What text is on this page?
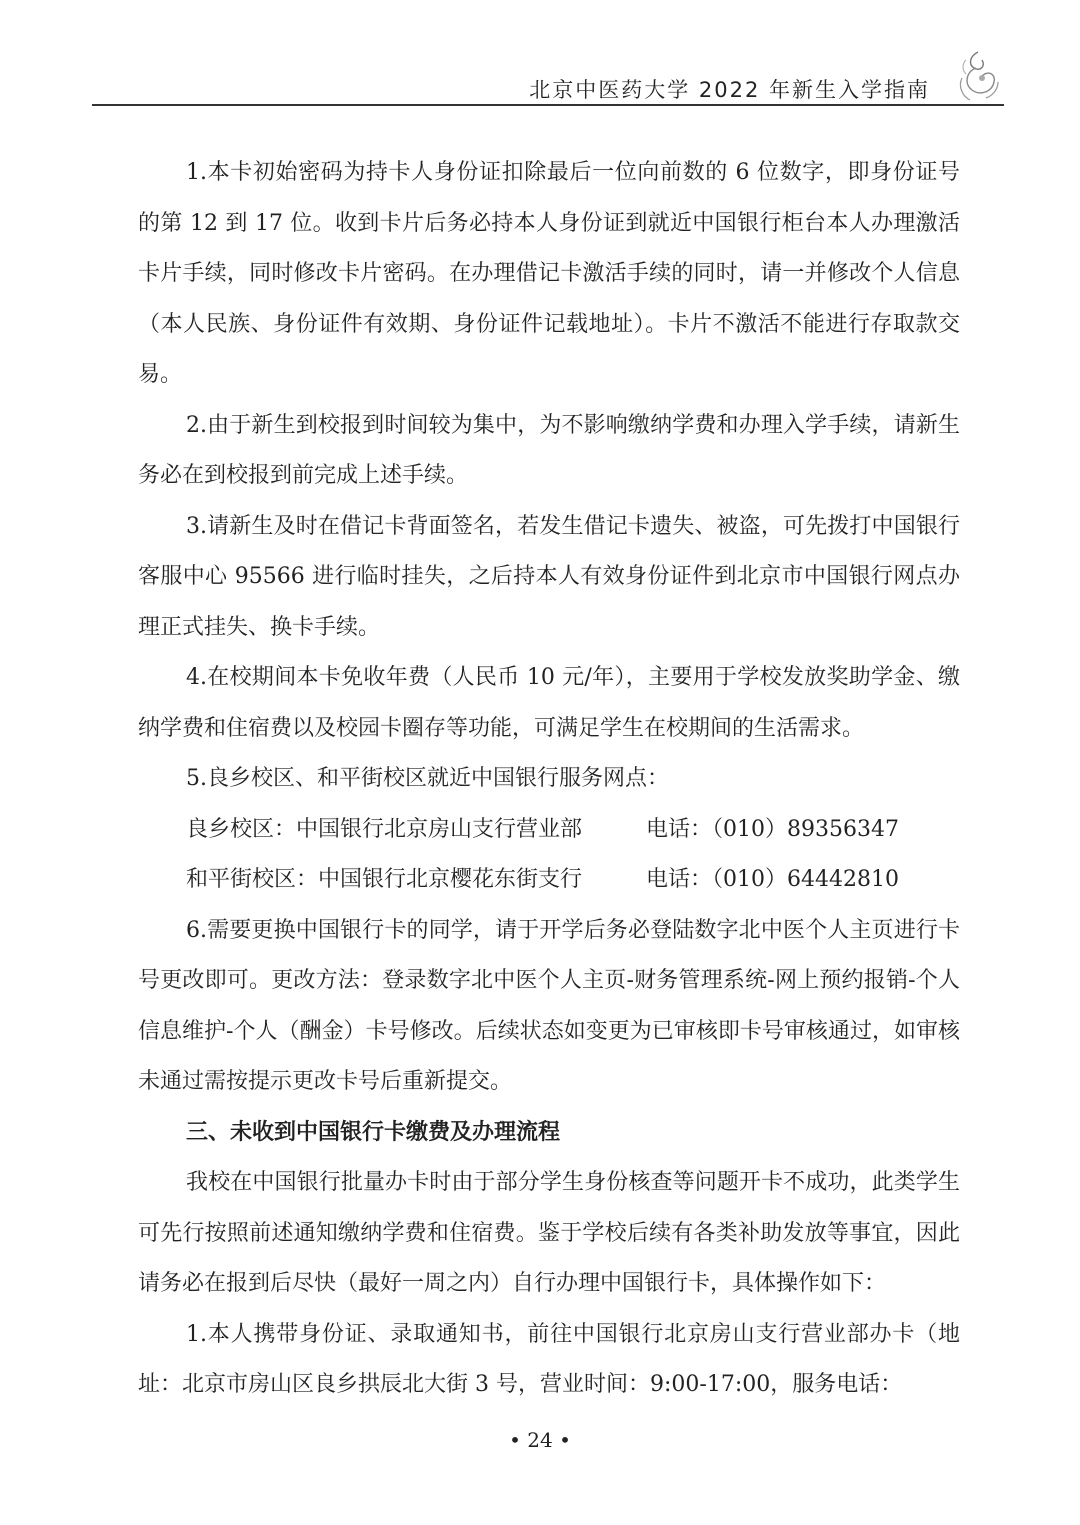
北京中医药大学 2022 年新生入学指南

1.本卡初始密码为持卡人身份证扣除最后一位向前数的 6 位数字，即身份证号的第 12 到 17 位。收到卡片后务必持本人身份证到就近中国银行柜台本人办理激活卡片手续，同时修改卡片密码。在办理借记卡激活手续的同时，请一并修改个人信息（本人民族、身份证件有效期、身份证件记载地址）。卡片不激活不能进行存取款交易。

2.由于新生到校报到时间较为集中，为不影响缴纳学费和办理入学手续，请新生务必在到校报到前完成上述手续。

3.请新生及时在借记卡背面签名，若发生借记卡遗失、被盗，可先拨打中国银行客服中心 95566 进行临时挂失，之后持本人有效身份证件到北京市中国银行网点办理正式挂失、换卡手续。

4.在校期间本卡免收年费（人民币 10 元/年），主要用于学校发放奖助学金、缴纳学费和住宿费以及校园卡圈存等功能，可满足学生在校期间的生活需求。

5.良乡校区、和平街校区就近中国银行服务网点：

良乡校区：中国银行北京房山支行营业部	电话：（010）89356347

和平街校区：中国银行北京樱花东街支行	电话：（010）64442810

6.需要更换中国银行卡的同学，请于开学后务必登陆数字北中医个人主页进行卡号更改即可。更改方法：登录数字北中医个人主页-财务管理系统-网上预约报销-个人信息维护-个人（酬金）卡号修改。后续状态如变更为已审核即卡号审核通过，如审核未通过需按提示更改卡号后重新提交。

三、未收到中国银行卡缴费及办理流程

我校在中国银行批量办卡时由于部分学生身份核查等问题开卡不成功，此类学生可先行按照前述通知缴纳学费和住宿费。鉴于学校后续有各类补助发放等事宜，因此请务必在报到后尽快（最好一周之内）自行办理中国银行卡，具体操作如下：

1.本人携带身份证、录取通知书，前往中国银行北京房山支行营业部办卡（地址：北京市房山区良乡拱辰北大街 3 号，营业时间：9:00-17:00，服务电话：

• 24 •
